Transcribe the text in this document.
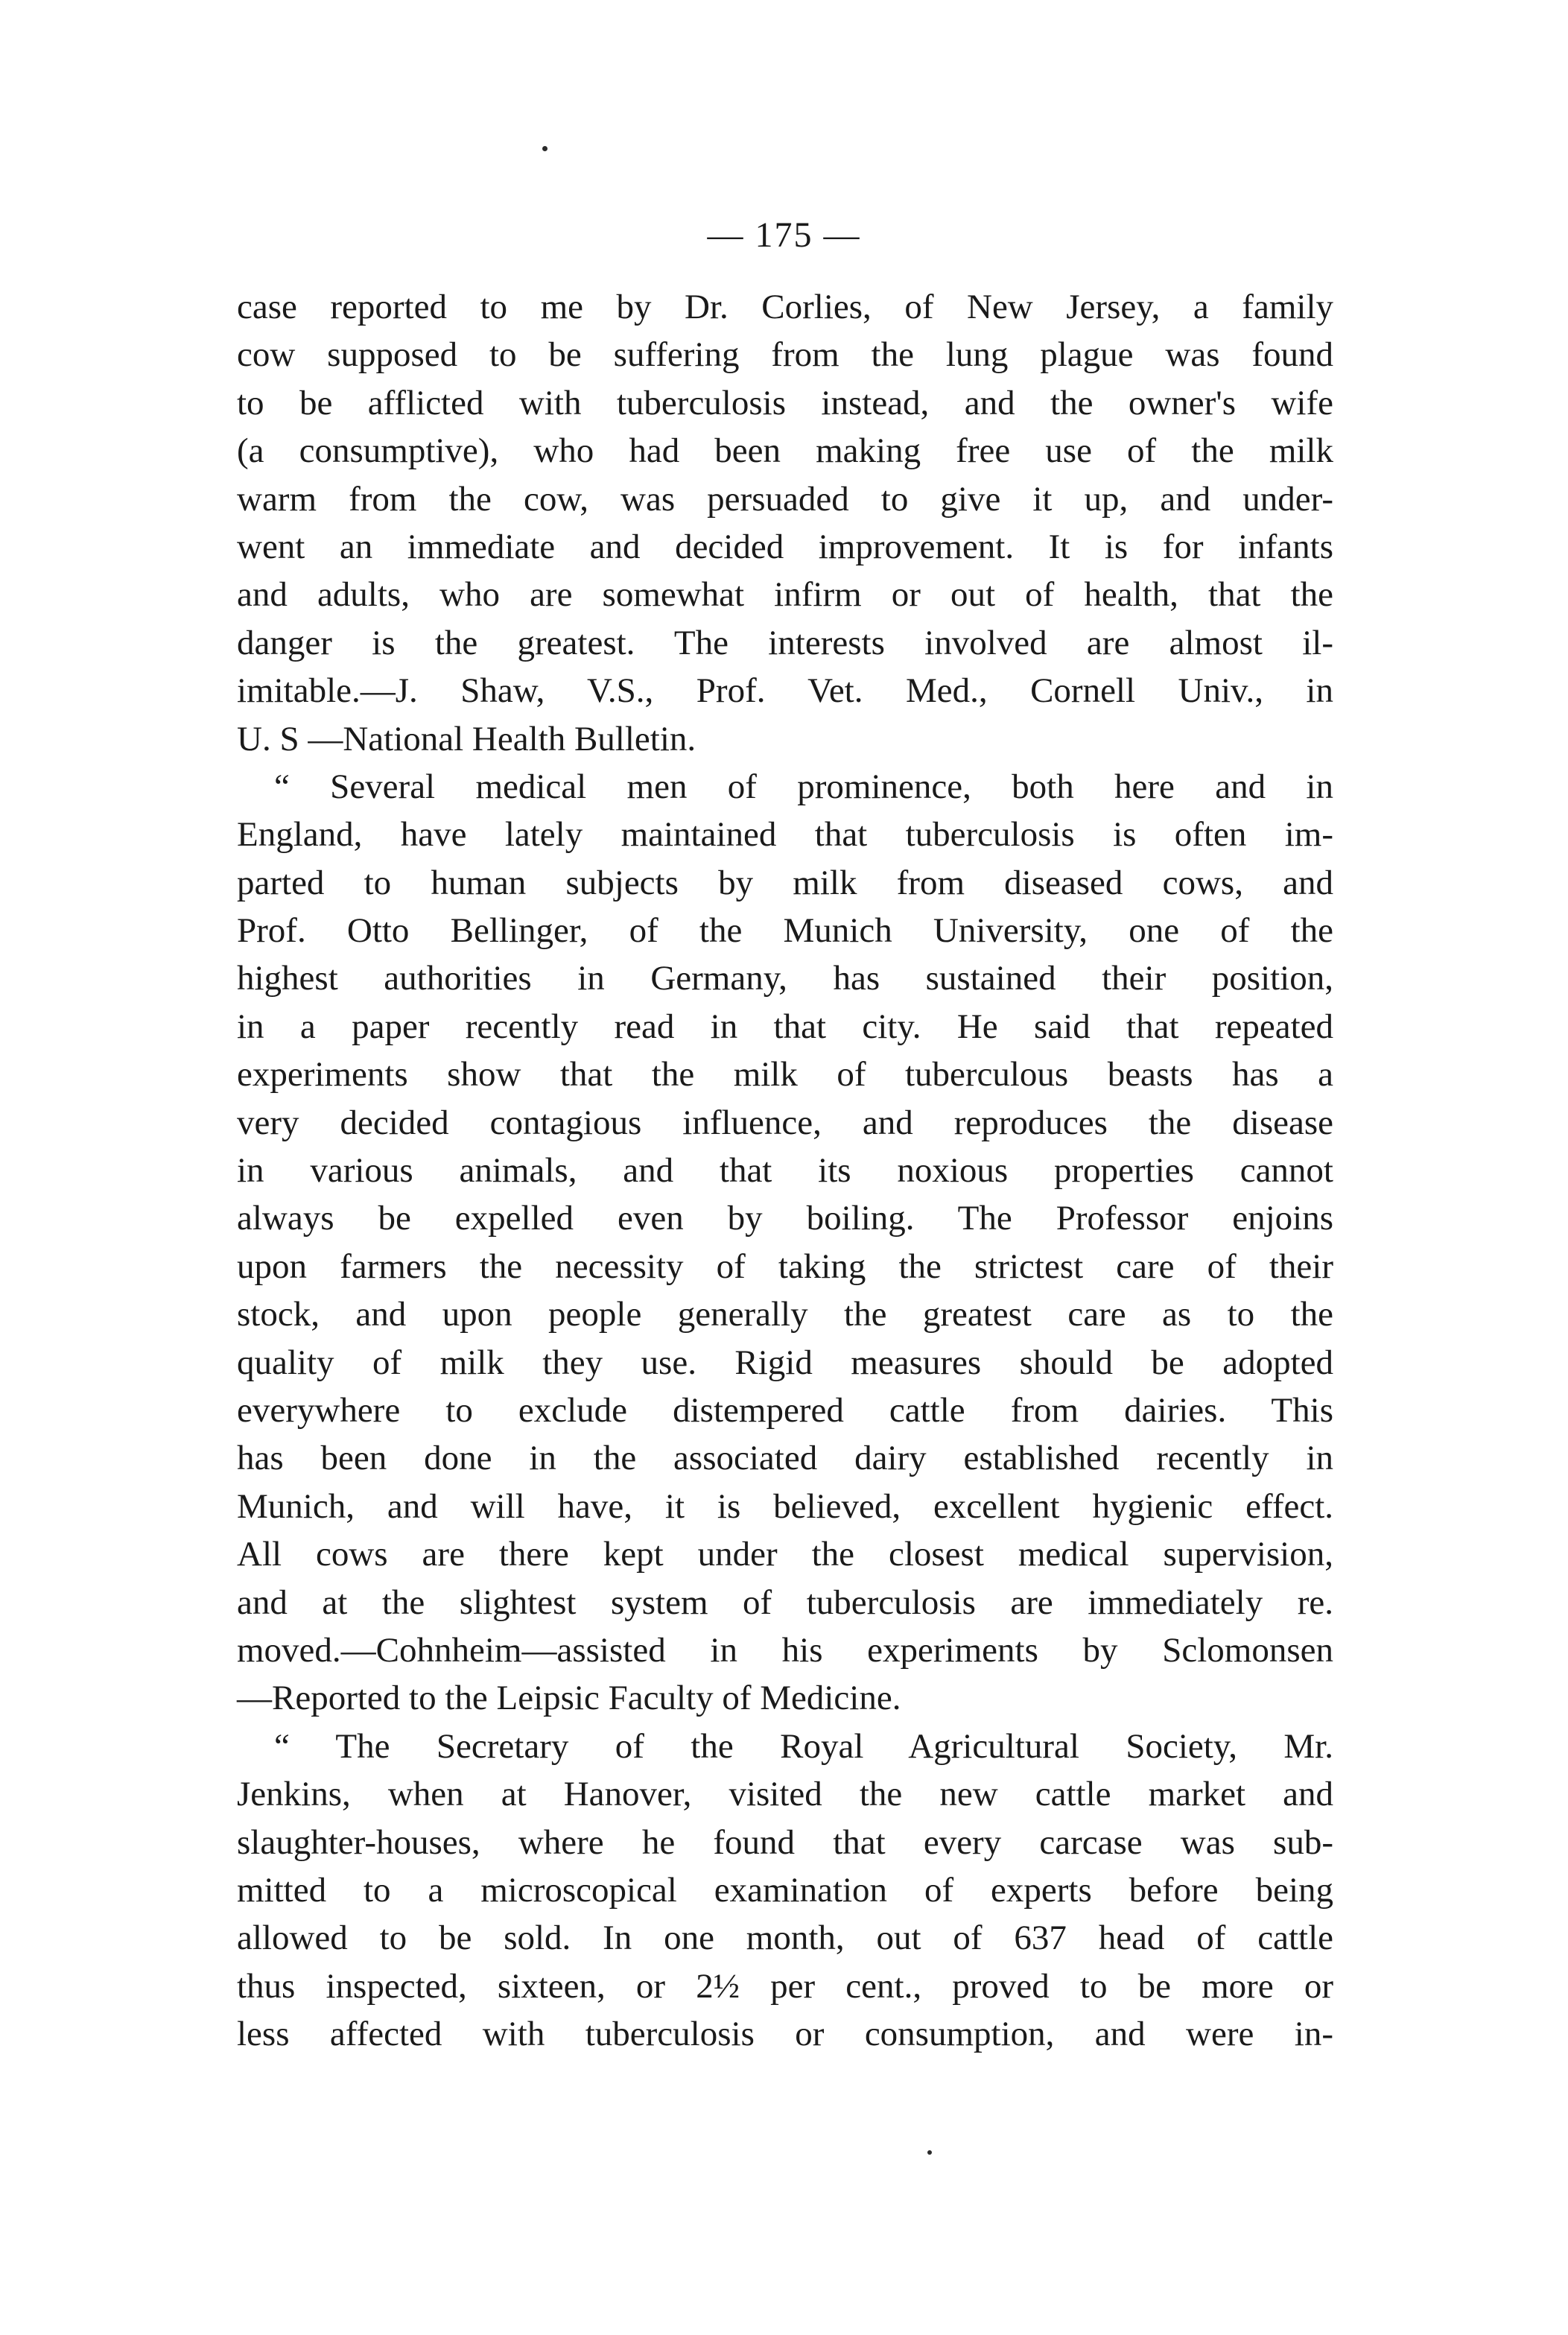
— 175 —
case reported to me by Dr. Corlies, of New Jersey, a family
cow supposed to be suffering from the lung plague was found
to be afflicted with tuberculosis instead, and the owner's wife
(a consumptive), who had been making free use of the milk
warm from the cow, was persuaded to give it up, and under-
went an immediate and decided improvement. It is for infants
and adults, who are somewhat infirm or out of health, that the
danger is the greatest. The interests involved are almost il-
imitable.—J. Shaw, V.S., Prof. Vet. Med., Cornell Univ., in
U. S —National Health Bulletin.
“ Several medical men of prominence, both here and in
England, have lately maintained that tuberculosis is often im-
parted to human subjects by milk from diseased cows, and
Prof. Otto Bellinger, of the Munich University, one of the
highest authorities in Germany, has sustained their position,
in a paper recently read in that city. He said that repeated
experiments show that the milk of tuberculous beasts has a
very decided contagious influence, and reproduces the disease
in various animals, and that its noxious properties cannot
always be expelled even by boiling. The Professor enjoins
upon farmers the necessity of taking the strictest care of their
stock, and upon people generally the greatest care as to the
quality of milk they use. Rigid measures should be adopted
everywhere to exclude distempered cattle from dairies. This
has been done in the associated dairy established recently in
Munich, and will have, it is believed, excellent hygienic effect.
All cows are there kept under the closest medical supervision,
and at the slightest system of tuberculosis are immediately re.
moved.—Cohnheim—assisted in his experiments by Sclomonsen
—Reported to the Leipsic Faculty of Medicine.
“ The Secretary of the Royal Agricultural Society, Mr.
Jenkins, when at Hanover, visited the new cattle market and
slaughter-houses, where he found that every carcase was sub-
mitted to a microscopical examination of experts before being
allowed to be sold. In one month, out of 637 head of cattle
thus inspected, sixteen, or 2½ per cent., proved to be more or
less affected with tuberculosis or consumption, and were in-
